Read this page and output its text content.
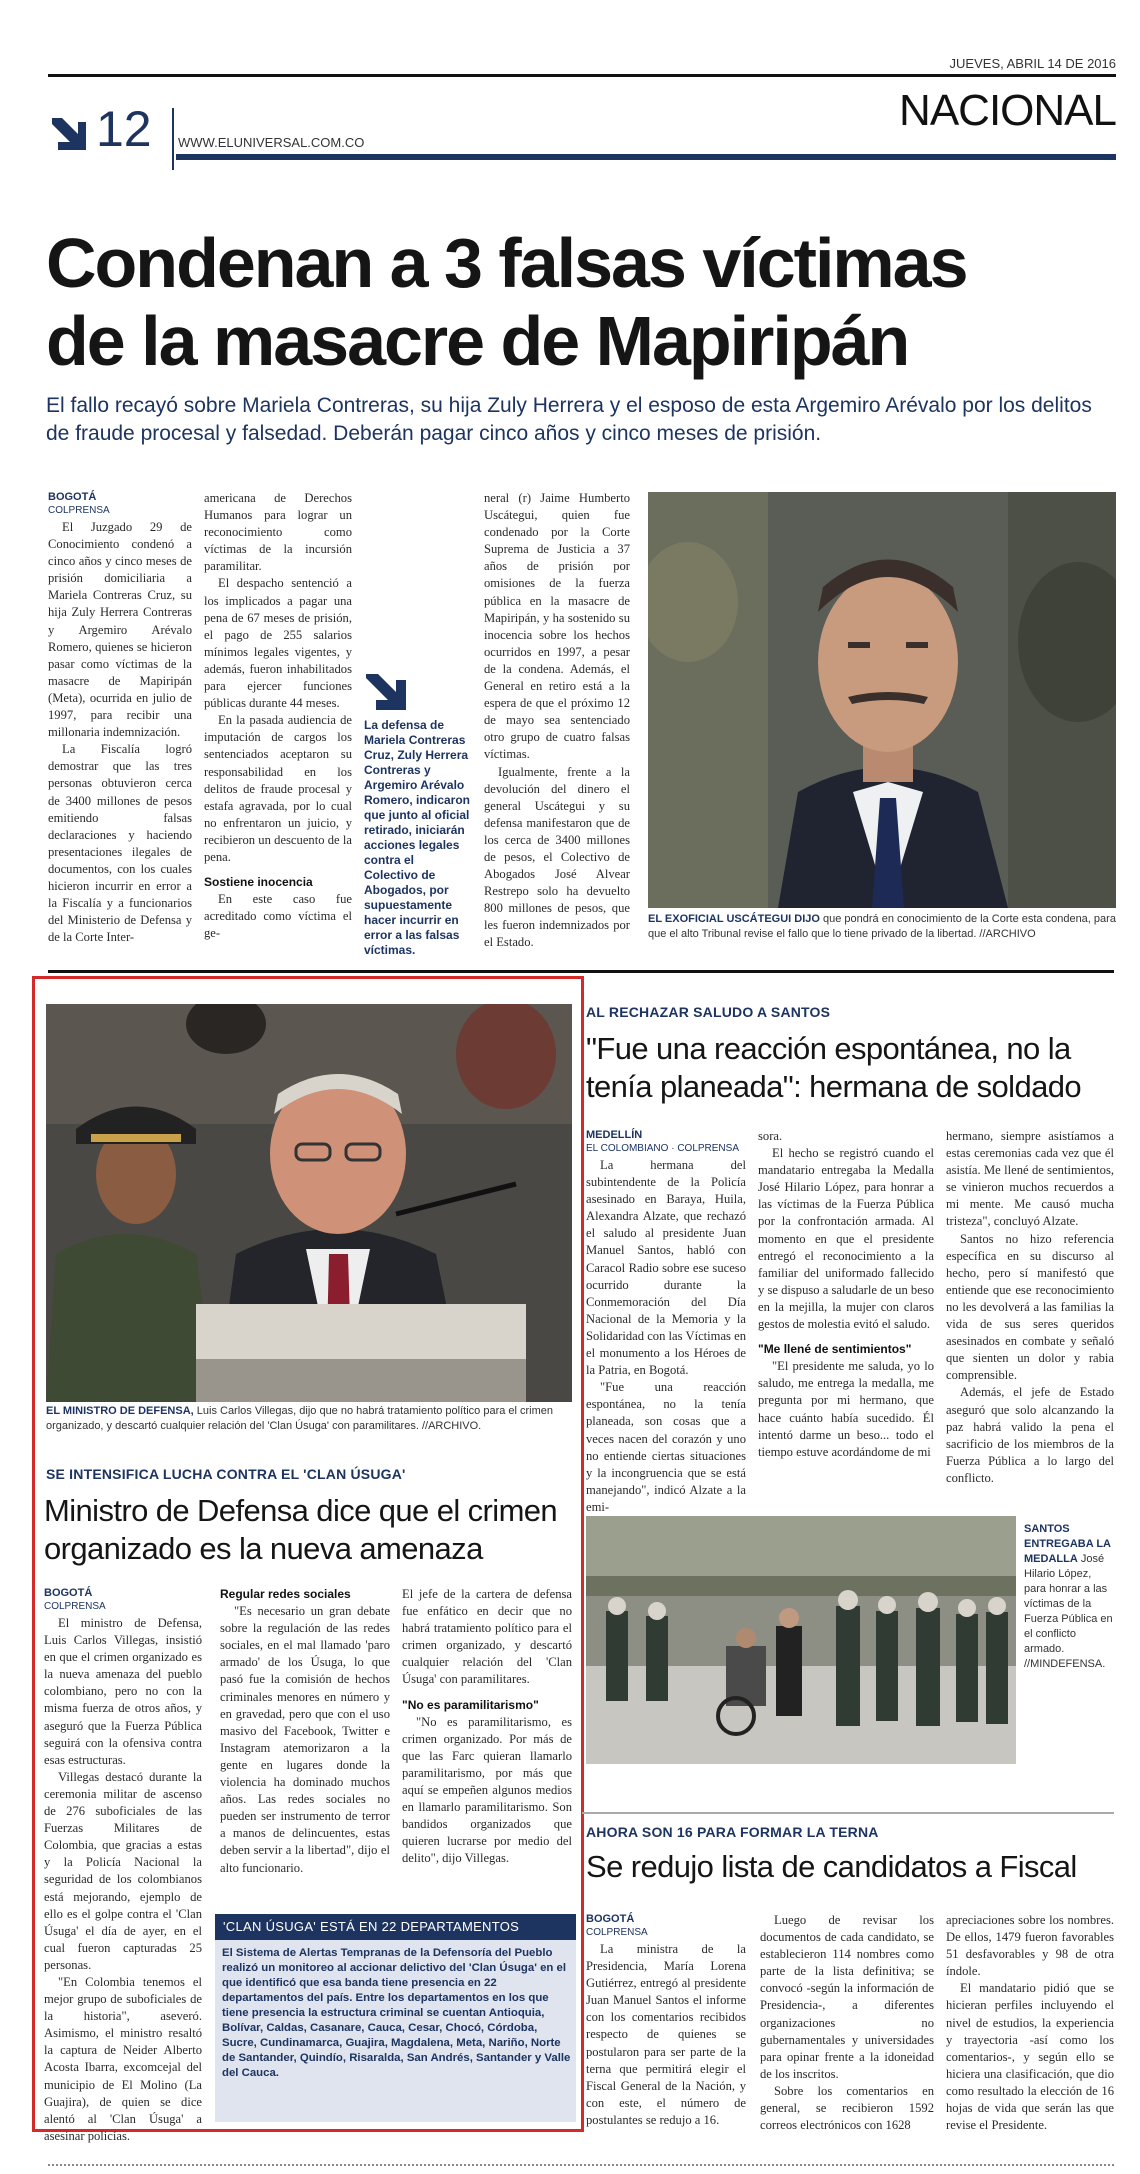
JUEVES, ABRIL 14 DE 2016
NACIONAL
12 WWW.ELUNIVERSAL.COM.CO
Condenan a 3 falsas víctimas
de la masacre de Mapiripán
El fallo recayó sobre Mariela Contreras, su hija Zuly Herrera y el esposo de esta Argemiro Arévalo por los delitos de fraude procesal y falsedad. Deberán pagar cinco años y cinco meses de prisión.

BOGOTÁ

COLPRENSA

El Juzgado 29 de Conocimiento condenó a cinco años y cinco meses de prisión domiciliaria a Mariela Contreras Cruz, su hija Zuly Herrera Contreras y Argemiro Arévalo Romero, quienes se hicieron pasar como víctimas de la masacre de Mapiripán (Meta), ocurrida en julio de 1997, para recibir una millonaria indemnización.

La Fiscalía logró demostrar que las tres personas obtuvieron cerca de 3400 millones de pesos emitiendo falsas declaraciones y haciendo presentaciones ilegales de documentos, con los cuales hicieron incurrir en error a la Fiscalía y a funcionarios del Ministerio de Defensa y de la Corte Inter-

americana de Derechos Humanos para lograr un reconocimiento como víctimas de la incursión paramilitar.

El despacho sentenció a los implicados a pagar una pena de 67 meses de prisión, el pago de 255 salarios mínimos legales vigentes, y además, fueron inhabilitados para ejercer funciones públicas durante 44 meses.

En la pasada audiencia de imputación de cargos los sentenciados aceptaron su responsabilidad en los delitos de fraude procesal y estafa agravada, por lo cual no enfrentaron un juicio, y recibieron un descuento de la pena.

Sostiene inocencia

En este caso fue acreditado como víctima el ge-

La defensa de Mariela Contreras Cruz, Zuly Herrera Contreras y Argemiro Arévalo Romero, indicaron que junto al oficial retirado, iniciarán acciones legales contra el Colectivo de Abogados, por supuestamente hacer incurrir en error a las falsas víctimas.

neral (r) Jaime Humberto Uscátegui, quien fue condenado por la Corte Suprema de Justicia a 37 años de prisión por omisiones de la fuerza pública en la masacre de Mapiripán, y ha sostenido su inocencia sobre los hechos ocurridos en 1997, a pesar de la condena. Además, el General en retiro está a la espera de que el próximo 12 de mayo sea sentenciado otro grupo de cuatro falsas víctimas.

Igualmente, frente a la devolución del dinero el general Uscátegui y su defensa manifestaron que de los cerca de 3400 millones de pesos, el Colectivo de Abogados José Alvear Restrepo solo ha devuelto 800 millones de pesos, que les fueron indemnizados por el Estado.

EL EXOFICIAL USCÁTEGUI DIJO que pondrá en conocimiento de la Corte esta condena, para que el alto Tribunal revise el fallo que lo tiene privado de la libertad. //ARCHIVO
EL MINISTRO DE DEFENSA, Luis Carlos Villegas, dijo que no habrá tratamiento político para el crimen organizado, y descartó cualquier relación del 'Clan Úsuga' con paramilitares. //ARCHIVO.
SE INTENSIFICA LUCHA CONTRA EL 'CLAN ÚSUGA'
Ministro de Defensa dice que el crimen organizado es la nueva amenaza

BOGOTÁ

COLPRENSA

El ministro de Defensa, Luis Carlos Villegas, insistió en que el crimen organizado es la nueva amenaza del pueblo colombiano, pero no con la misma fuerza de otros años, y aseguró que la Fuerza Pública seguirá con la ofensiva contra esas estructuras.

Villegas destacó durante la ceremonia militar de ascenso de 276 suboficiales de las Fuerzas Militares de Colombia, que gracias a estas y la Policía Nacional la seguridad de los colombianos está mejorando, ejemplo de ello es el golpe contra el 'Clan Úsuga' el día de ayer, en el cual fueron capturadas 25 personas.

"En Colombia tenemos el mejor grupo de suboficiales de la historia", aseveró. Asimismo, el ministro resaltó la captura de Neider Alberto Acosta Ibarra, excomcejal del municipio de El Molino (La Guajira), de quien se dice alentó al 'Clan Úsuga' a asesinar policías.

Regular redes sociales

"Es necesario un gran debate sobre la regulación de las redes sociales, en el mal llamado 'paro armado' de los Úsuga, lo que pasó fue la comisión de hechos criminales menores en número y en gravedad, pero que con el uso masivo del Facebook, Twitter e Instagram atemorizaron a la gente en lugares donde la violencia ha dominado muchos años. Las redes sociales no pueden ser instrumento de terror a manos de delincuentes, estas deben servir a la libertad", dijo el alto funcionario.

El jefe de la cartera de defensa fue enfático en decir que no habrá tratamiento político para el crimen organizado, y descartó cualquier relación del 'Clan Úsuga' con paramilitares.

"No es paramilitarismo"

"No es paramilitarismo, es crimen organizado. Por más de que las Farc quieran llamarlo paramilitarismo, por más que aquí se empeñen algunos medios en llamarlo paramilitarismo. Son bandidos organizados que quieren lucrarse por medio del delito", dijo Villegas.

'CLAN ÚSUGA' ESTÁ EN 22 DEPARTAMENTOS
El Sistema de Alertas Tempranas de la Defensoría del Pueblo realizó un monitoreo al accionar delictivo del 'Clan Úsuga' en el que identificó que esa banda tiene presencia en 22 departamentos del país. Entre los departamentos en los que tiene presencia la estructura criminal se cuentan Antioquia, Bolívar, Caldas, Casanare, Cauca, Cesar, Chocó, Córdoba, Sucre, Cundinamarca, Guajira, Magdalena, Meta, Nariño, Norte de Santander, Quindío, Risaralda, San Andrés, Santander y Valle del Cauca.
AL RECHAZAR SALUDO A SANTOS
"Fue una reacción espontánea, no la tenía planeada": hermana de soldado

MEDELLÍN

EL COLOMBIANO · COLPRENSA

La hermana del subintendente de la Policía asesinado en Baraya, Huila, Alexandra Alzate, que rechazó el saludo al presidente Juan Manuel Santos, habló con Caracol Radio sobre ese suceso ocurrido durante la Conmemoración del Día Nacional de la Memoria y la Solidaridad con las Víctimas en el monumento a los Héroes de la Patria, en Bogotá.

"Fue una reacción espontánea, no la tenía planeada, son cosas que a veces nacen del corazón y uno no entiende ciertas situaciones y la incongruencia que se está manejando", indicó Alzate a la emi-

sora.

El hecho se registró cuando el mandatario entregaba la Medalla José Hilario López, para honrar a las víctimas de la Fuerza Pública por la confrontación armada. Al momento en que el presidente entregó el reconocimiento a la familiar del uniformado fallecido y se dispuso a saludarle de un beso en la mejilla, la mujer con claros gestos de molestia evitó el saludo.

"Me llené de sentimientos"

"El presidente me saluda, yo lo saludo, me entrega la medalla, me pregunta por mi hermano, que hace cuánto había sucedido. Él intentó darme un beso... todo el tiempo estuve acordándome de mi

hermano, siempre asistíamos a estas ceremonias cada vez que él asistía. Me llené de sentimientos, se vinieron muchos recuerdos a mi mente. Me causó mucha tristeza", concluyó Alzate.

Santos no hizo referencia específica en su discurso al hecho, pero sí manifestó que entiende que ese reconocimiento no les devolverá a las familias la vida de sus seres queridos asesinados en combate y señaló que sienten un dolor y rabia comprensible.

Además, el jefe de Estado aseguró que solo alcanzando la paz habrá valido la pena el sacrificio de los miembros de la Fuerza Pública a lo largo del conflicto.

SANTOS ENTREGABA LA MEDALLA José Hilario López, para honrar a las víctimas de la Fuerza Pública en el conflicto armado. //MINDEFENSA.
AHORA SON 16 PARA FORMAR LA TERNA
Se redujo lista de candidatos a Fiscal

BOGOTÁ

COLPRENSA

La ministra de la Presidencia, María Lorena Gutiérrez, entregó al presidente Juan Manuel Santos el informe con los comentarios recibidos respecto de quienes se postularon para ser parte de la terna que permitirá elegir el Fiscal General de la Nación, y con este, el número de postulantes se redujo a 16.

Luego de revisar los documentos de cada candidato, se establecieron 114 nombres como parte de la lista definitiva; se convocó -según la información de Presidencia-, a diferentes organizaciones no gubernamentales y universidades para opinar frente a la idoneidad de los inscritos.

Sobre los comentarios en general, se recibieron 1592 correos electrónicos con 1628

apreciaciones sobre los nombres. De ellos, 1479 fueron favorables 51 desfavorables y 98 de otra índole.

El mandatario pidió que se hicieran perfiles incluyendo el nivel de estudios, la experiencia y trayectoria -así como los comentarios-, y según ello se hiciera una clasificación, que dio como resultado la elección de 16 hojas de vida que serán las que revise el Presidente.
